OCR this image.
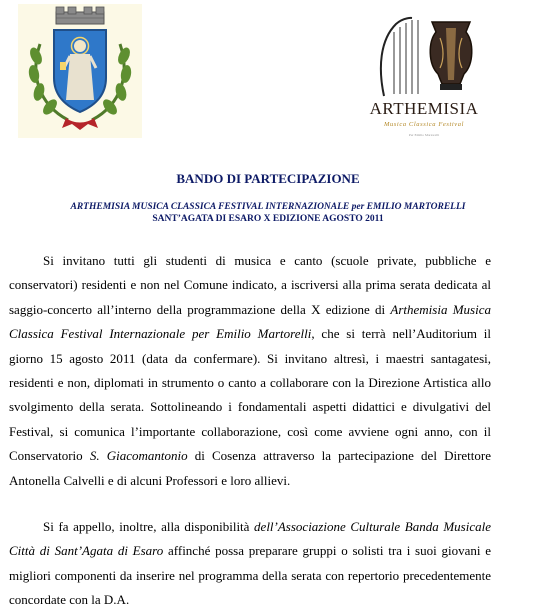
ARTHEMISIA
Musica Classica Festival
Per Emilio Martorelli
BANDO DI PARTECIPAZIONE
ARTHEMISIA MUSICA CLASSICA FESTIVAL INTERNAZIONALE per EMILIO MARTORELLI
SANT’AGATA DI ESARO X EDIZIONE AGOSTO 2011
Si invitano tutti gli studenti di musica e canto (scuole private, pubbliche e conservatori) residenti e non nel Comune indicato, a iscriversi alla prima serata dedicata al saggio-concerto all’interno della programmazione della X edizione di Arthemisia Musica Classica Festival Internazionale per Emilio Martorelli, che si terrà nell’Auditorium il giorno 15 agosto 2011 (data da confermare). Si invitano altresì, i maestri santagatesi, residenti e non, diplomati in strumento o canto a collaborare con la Direzione Artistica allo svolgimento della serata. Sottolineando i fondamentali aspetti didattici e divulgativi del Festival, si comunica l’importante collaborazione, così come avviene ogni anno, con il Conservatorio S. Giacomantonio di Cosenza attraverso la partecipazione del Direttore Antonella Calvelli e di alcuni Professori e loro allievi.
Si fa appello, inoltre, alla disponibilità dell’Associazione Culturale Banda Musicale Città di Sant’Agata di Esaro affinché possa preparare gruppi o solisti tra i suoi giovani e migliori componenti da inserire nel programma della serata con repertorio precedentemente concordate con la D.A.
